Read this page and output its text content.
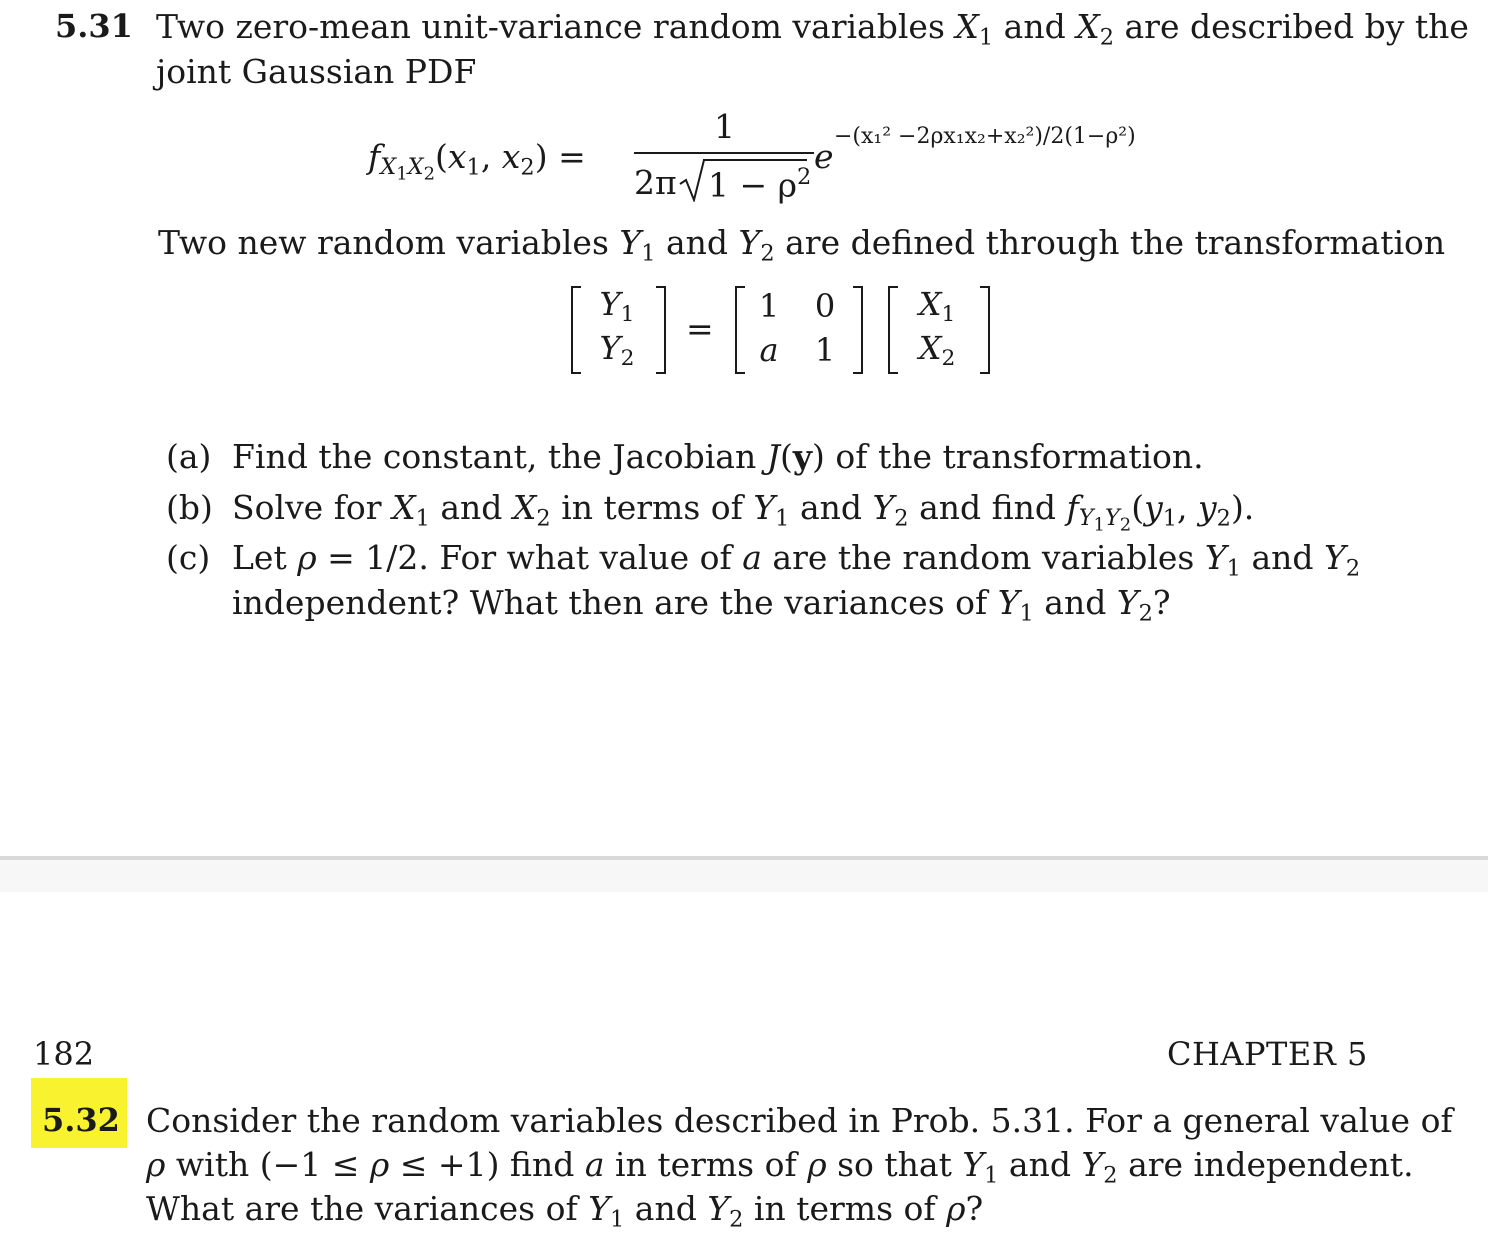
5.31 Two zero-mean unit-variance random variables $X_1$ and $X_2$ are described by the
joint Gaussian PDF
$f_{X_1X_2}(x_1$, $x_2$) =
1
2π $1 - \rho^2$
e
−(x₁² −2ρx₁x₂+x₂²)/2(1−ρ²)
Two new random variables $Y_1$ and $Y_2$ are defined through the transformation
$Y_1$
$Y_2$
=
1	0
a	1
$X_1$
$X_2$
(a) Find the constant, the Jacobian J(y) of the transformation.
(b) Solve for $X_1$ and $X_2$ in terms of $Y_1$ and $Y_2$ and find $f_{Y_1Y_2}(y_1$, $y_2$).
(c) Let ρ = 1/2. For what value of a are the random variables $Y_1$ and $Y_2$
independent? What then are the variances of $Y_1$ and $Y_2$?
182	CHAPTER 5
5.32 Consider the random variables described in Prob. 5.31. For a general value of
ρ with (−1 ≤ ρ ≤ +1) find a in terms of ρ so that $Y_1$ and $Y_2$ are independent.
What are the variances of $Y_1$ and $Y_2$ in terms of ρ?
